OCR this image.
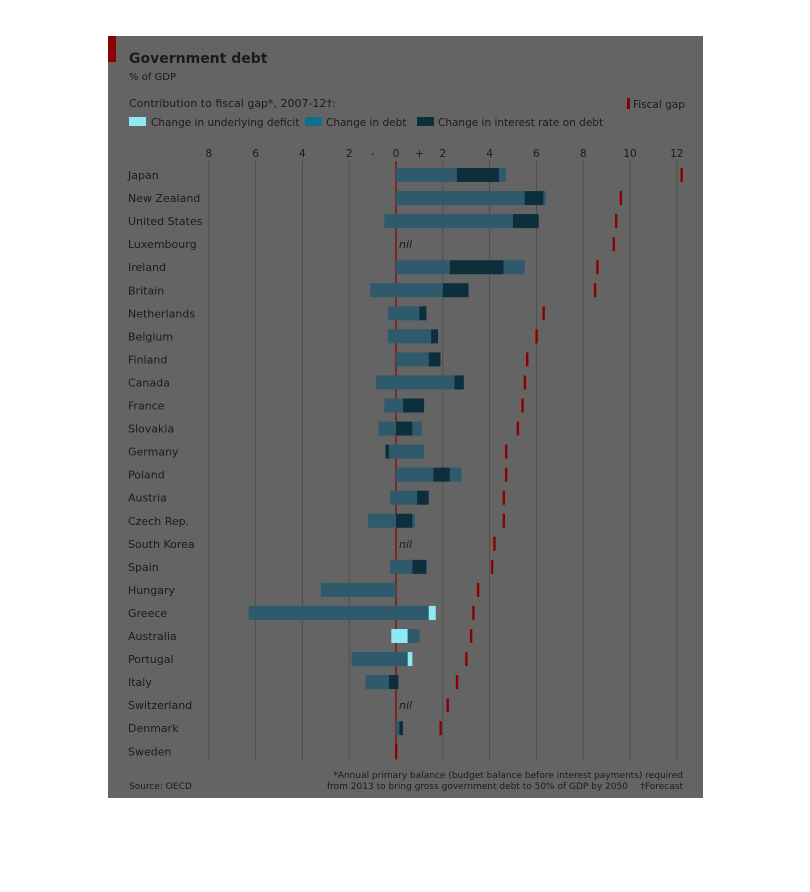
Government debt
% of GDP
Contribution to fiscal gap*, 2007-12†:
Change in underlying deficit	Change in debt	Change in interest rate on debt
Fiscal gap
8	6	4	2 - 0 + 2	4	6	8	10	12
nil
nil
nil
Japan
New Zealand
United States
Luxembourg
Ireland
Britain
Netherlands
Belgium
Finland
Canada
France
Slovakia
Germany
Poland
Austria
Czech Rep.
South Korea
Spain
Hungary
Greece
Australia
Portugal
Italy
Switzerland
Denmark
Sweden
Source: OECD
*Annual primary balance (budget balance before interest payments) required
from 2013 to bring gross government debt to 50% of GDP by 2050 †Forecast
